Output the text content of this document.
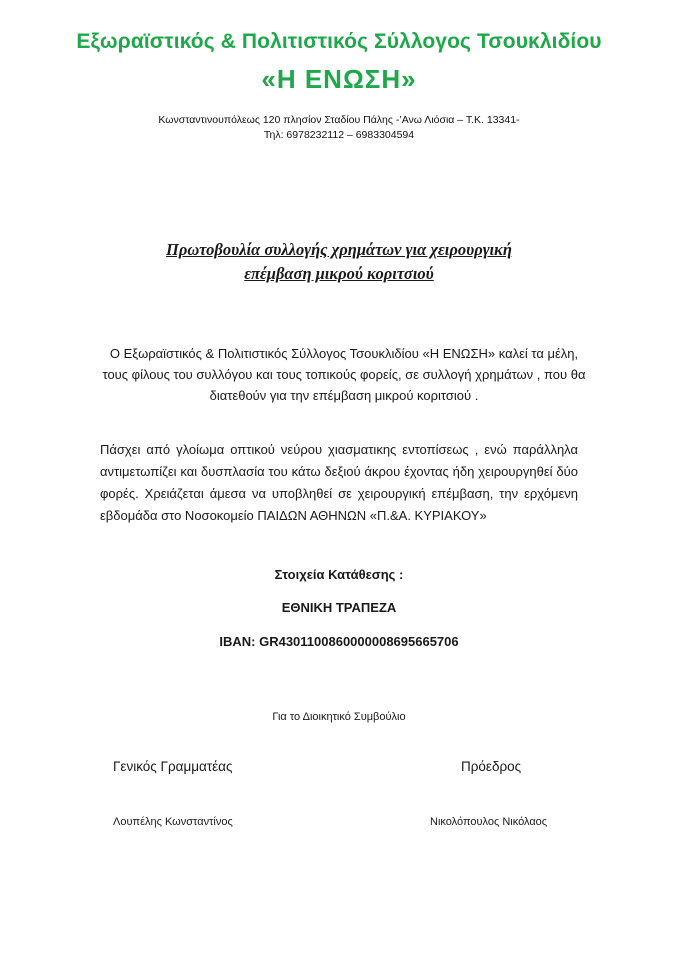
Εξωραϊστικός & Πολιτιστικός Σύλλογος Τσουκλιδίου
«Η ΕΝΩΣΗ»
Κωνσταντινουπόλεως 120 πλησίον Σταδίου Πάλης -’Ανω Λιόσια – Τ.Κ. 13341-
Τηλ: 6978232112 – 6983304594
Πρωτοβουλία συλλογής χρημάτων για χειρουργική
επέμβαση μικρού κοριτσιού
Ο Εξωραϊστικός & Πολιτιστικός Σύλλογος Τσουκλιδίου «Η ΕΝΩΣΗ» καλεί τα μέλη, τους φίλους του συλλόγου και τους τοπικούς φορείς, σε συλλογή χρημάτων , που θα διατεθούν για την επέμβαση μικρού κοριτσιού .
Πάσχει από γλοίωμα οπτικού νεύρου χιασματικης εντοπίσεως , ενώ παράλληλα αντιμετωπίζει και δυσπλασία του κάτω δεξιού άκρου έχοντας ήδη χειρουργηθεί δύο φορές. Χρειάζεται άμεσα να υποβληθεί σε χειρουργική επέμβαση, την ερχόμενη εβδομάδα στο Νοσοκομείο ΠΑΙΔΩΝ ΑΘΗΝΩΝ «Π.&Α. ΚΥΡΙΑΚΟΥ»
Στοιχεία Κατάθεσης :
ΕΘΝΙΚΗ ΤΡΑΠΕΖΑ
IBAN: GR4301100860000008695665706
Για το Διοικητικό Συμβούλιο
Γενικός Γραμματέας	Πρόεδρος
Λουπέλης Κωνσταντίνος	Νικολόπουλος Νικόλαος
